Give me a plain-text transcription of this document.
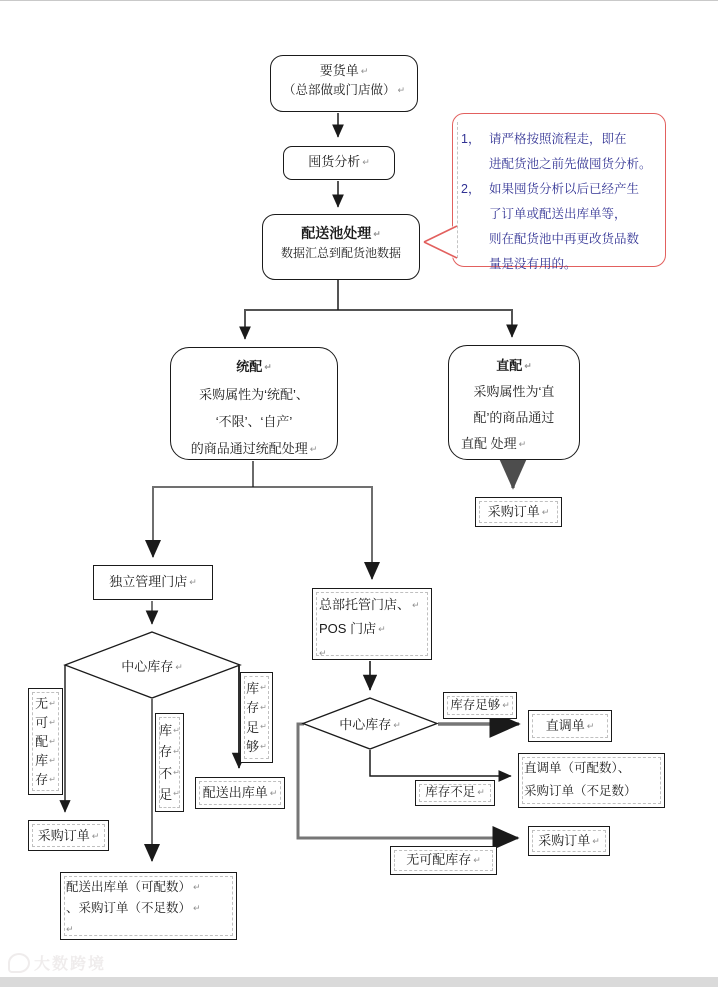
要货单 ↵
（总部做或门店做） ↵
囤货分析 ↵
配送池处理 ↵
数据汇总到配货池数据
1， 请严格按照流程走，即在
进配货池之前先做囤货分析。
2， 如果囤货分析以后已经产生
了订单或配送出库单等，
则在配货池中再更改货品数
量是没有用的。
统配 ↵
采购属性为‘统配’、
‘不限’、‘自产’
的商品通过统配处理 ↵
直配 ↵
采购属性为‘直
配’的商品通过
直配 处理 ↵
采购订单 ↵
独立管理门店 ↵
总部托管门店、 ↵
POS 门店 ↵
↵
中心库存 ↵
中心库存 ↵
无 ↵
可 ↵
配 ↵
库 ↵
存 ↵
库 ↵
存 ↵
不 ↵
足 ↵
库 ↵
存 ↵
足 ↵
够 ↵
配送出库单 ↵
采购订单 ↵
配送出库单（可配数） ↵
、采购订单（不足数） ↵
↵
库存足够 ↵
直调单 ↵
直调单（可配数）、
采购订单（不足数）
库存不足 ↵
采购订单 ↵
无可配库存 ↵
大数跨境
